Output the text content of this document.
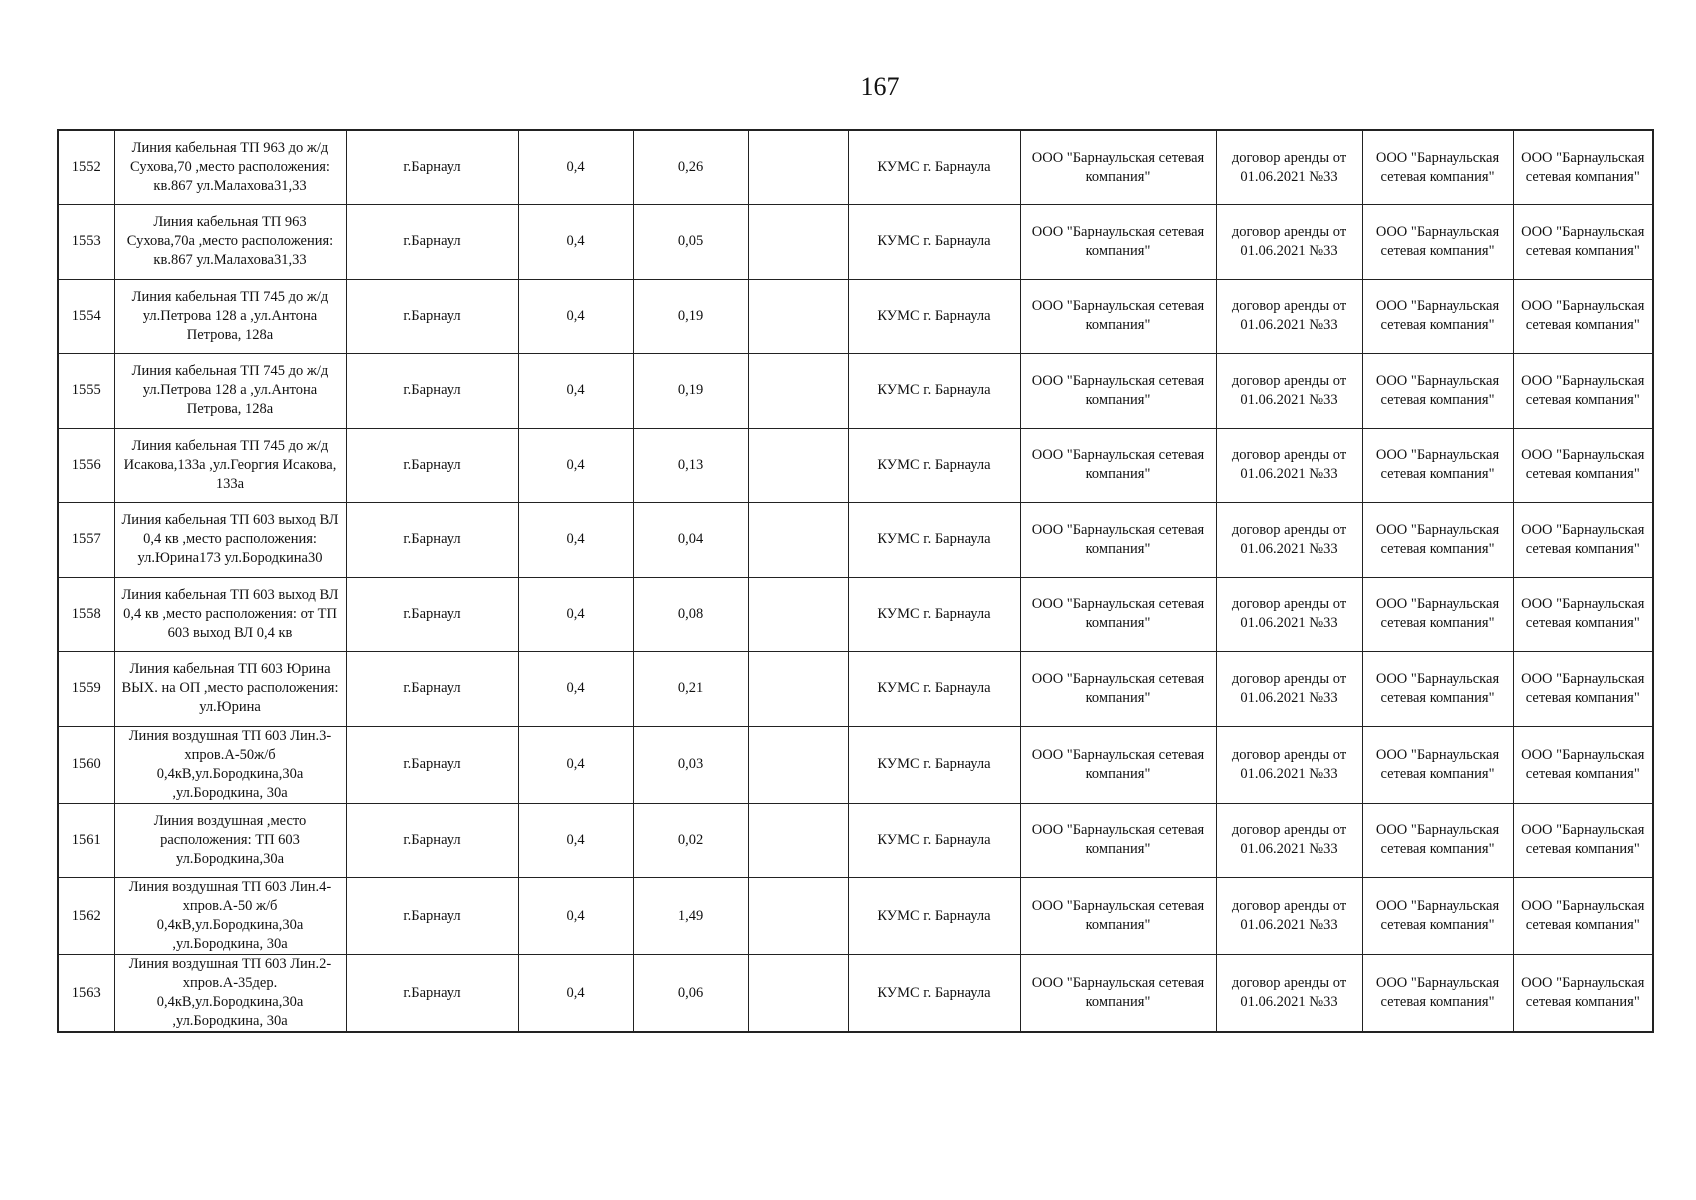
167
1552	Линия кабельная ТП 963 до ж/д Сухова,70 ,место расположения: кв.867 ул.Малахова31,33	г.Барнаул	0,4	0,26		КУМС г. Барнаула	ООО "Барнаульская сетевая компания"	договор аренды от 01.06.2021 №33	ООО "Барнаульская сетевая компания"	ООО "Барнаульская сетевая компания"
1553	Линия кабельная ТП 963 Сухова,70а ,место расположения: кв.867 ул.Малахова31,33	г.Барнаул	0,4	0,05		КУМС г. Барнаула	ООО "Барнаульская сетевая компания"	договор аренды от 01.06.2021 №33	ООО "Барнаульская сетевая компания"	ООО "Барнаульская сетевая компания"
1554	Линия кабельная ТП 745 до ж/д ул.Петрова 128 а ,ул.Антона Петрова, 128а	г.Барнаул	0,4	0,19		КУМС г. Барнаула	ООО "Барнаульская сетевая компания"	договор аренды от 01.06.2021 №33	ООО "Барнаульская сетевая компания"	ООО "Барнаульская сетевая компания"
1555	Линия кабельная ТП 745 до ж/д ул.Петрова 128 а ,ул.Антона Петрова, 128а	г.Барнаул	0,4	0,19		КУМС г. Барнаула	ООО "Барнаульская сетевая компания"	договор аренды от 01.06.2021 №33	ООО "Барнаульская сетевая компания"	ООО "Барнаульская сетевая компания"
1556	Линия кабельная ТП 745 до ж/д Исакова,133а ,ул.Георгия Исакова, 133а	г.Барнаул	0,4	0,13		КУМС г. Барнаула	ООО "Барнаульская сетевая компания"	договор аренды от 01.06.2021 №33	ООО "Барнаульская сетевая компания"	ООО "Барнаульская сетевая компания"
1557	Линия кабельная ТП 603 выход ВЛ 0,4 кв ,место расположения: ул.Юрина173 ул.Бородкина30	г.Барнаул	0,4	0,04		КУМС г. Барнаула	ООО "Барнаульская сетевая компания"	договор аренды от 01.06.2021 №33	ООО "Барнаульская сетевая компания"	ООО "Барнаульская сетевая компания"
1558	Линия кабельная ТП 603 выход ВЛ 0,4 кв ,место расположения: от ТП 603 выход ВЛ 0,4 кв	г.Барнаул	0,4	0,08		КУМС г. Барнаула	ООО "Барнаульская сетевая компания"	договор аренды от 01.06.2021 №33	ООО "Барнаульская сетевая компания"	ООО "Барнаульская сетевая компания"
1559	Линия кабельная ТП 603 Юрина ВЫХ. на ОП ,место расположения: ул.Юрина	г.Барнаул	0,4	0,21		КУМС г. Барнаула	ООО "Барнаульская сетевая компания"	договор аренды от 01.06.2021 №33	ООО "Барнаульская сетевая компания"	ООО "Барнаульская сетевая компания"
1560	Линия воздушная ТП 603 Лин.3-хпров.А-50ж/б 0,4кВ,ул.Бородкина,30а ,ул.Бородкина, 30а	г.Барнаул	0,4	0,03		КУМС г. Барнаула	ООО "Барнаульская сетевая компания"	договор аренды от 01.06.2021 №33	ООО "Барнаульская сетевая компания"	ООО "Барнаульская сетевая компания"
1561	Линия воздушная ,место расположения: ТП 603 ул.Бородкина,30а	г.Барнаул	0,4	0,02		КУМС г. Барнаула	ООО "Барнаульская сетевая компания"	договор аренды от 01.06.2021 №33	ООО "Барнаульская сетевая компания"	ООО "Барнаульская сетевая компания"
1562	Линия воздушная ТП 603 Лин.4-хпров.А-50 ж/б 0,4кВ,ул.Бородкина,30а ,ул.Бородкина, 30а	г.Барнаул	0,4	1,49		КУМС г. Барнаула	ООО "Барнаульская сетевая компания"	договор аренды от 01.06.2021 №33	ООО "Барнаульская сетевая компания"	ООО "Барнаульская сетевая компания"
1563	Линия воздушная ТП 603 Лин.2-хпров.А-35дер. 0,4кВ,ул.Бородкина,30а ,ул.Бородкина, 30а	г.Барнаул	0,4	0,06		КУМС г. Барнаула	ООО "Барнаульская сетевая компания"	договор аренды от 01.06.2021 №33	ООО "Барнаульская сетевая компания"	ООО "Барнаульская сетевая компания"
